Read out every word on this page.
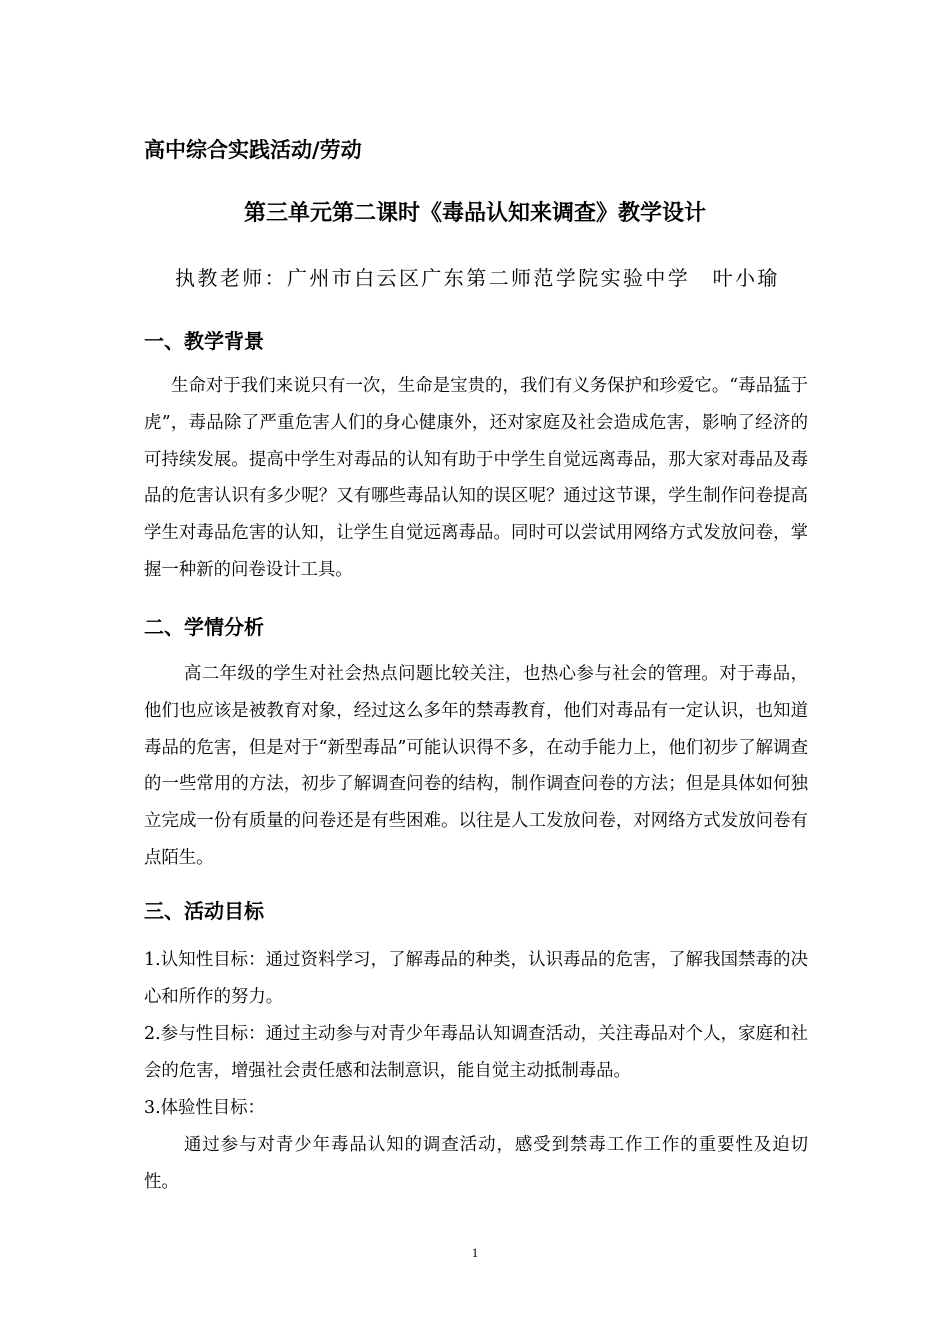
高中综合实践活动/劳动
第三单元第二课时《毒品认知来调查》教学设计
执教老师：广州市白云区广东第二师范学院实验中学　叶小瑜
一、教学背景

生命对于我们来说只有一次，生命是宝贵的，我们有义务保护和珍爱它。“毒品猛于虎”，毒品除了严重危害人们的身心健康外，还对家庭及社会造成危害，影响了经济的可持续发展。提高中学生对毒品的认知有助于中学生自觉远离毒品，那大家对毒品及毒品的危害认识有多少呢？又有哪些毒品认知的误区呢？通过这节课，学生制作问卷提高学生对毒品危害的认知，让学生自觉远离毒品。同时可以尝试用网络方式发放问卷，掌握一种新的问卷设计工具。

二、学情分析

高二年级的学生对社会热点问题比较关注，也热心参与社会的管理。对于毒品，他们也应该是被教育对象，经过这么多年的禁毒教育，他们对毒品有一定认识，也知道毒品的危害，但是对于“新型毒品”可能认识得不多，在动手能力上，他们初步了解调查的一些常用的方法，初步了解调查问卷的结构，制作调查问卷的方法；但是具体如何独立完成一份有质量的问卷还是有些困难。以往是人工发放问卷，对网络方式发放问卷有点陌生。

三、活动目标

1.认知性目标：通过资料学习，了解毒品的种类，认识毒品的危害，了解我国禁毒的决心和所作的努力。

2.参与性目标：通过主动参与对青少年毒品认知调查活动，关注毒品对个人，家庭和社会的危害，增强社会责任感和法制意识，能自觉主动抵制毒品。

3.体验性目标：

通过参与对青少年毒品认知的调查活动，感受到禁毒工作工作的重要性及迫切性。

1
